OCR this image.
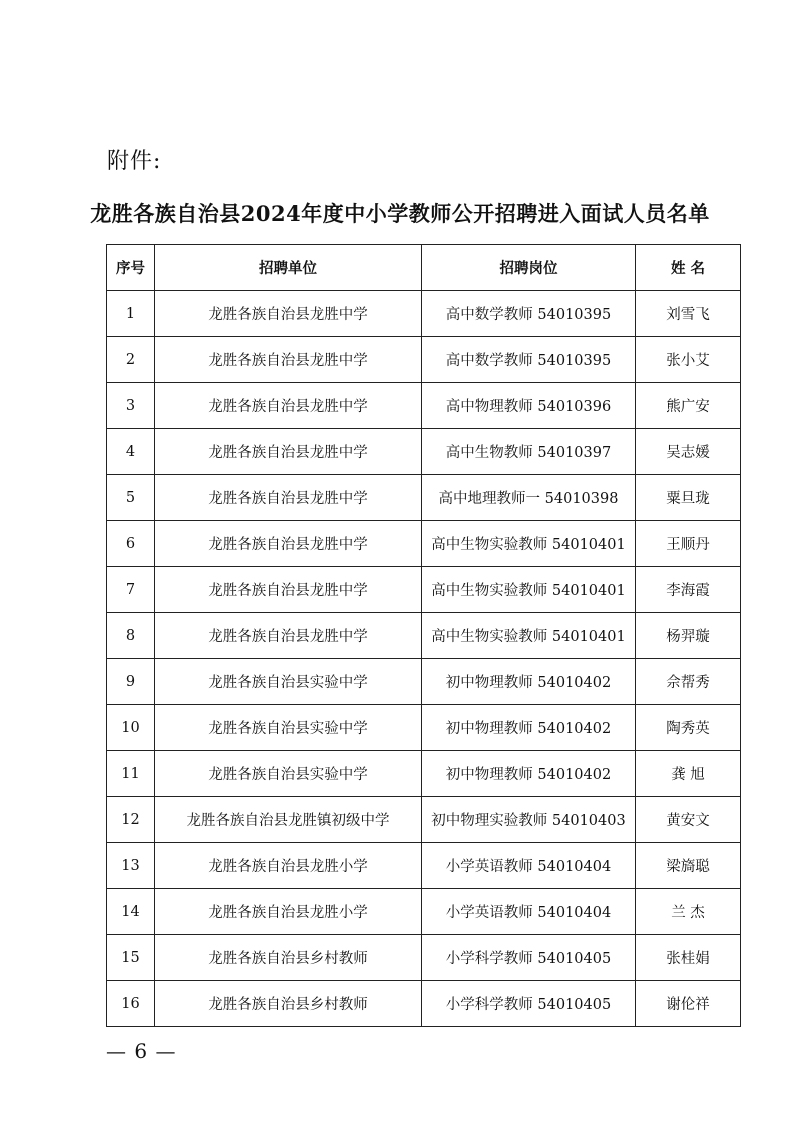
附件:
龙胜各族自治县2024年度中小学教师公开招聘进入面试人员名单
序号	招聘单位	招聘岗位	姓 名
1	龙胜各族自治县龙胜中学	高中数学教师 54010395	刘雪飞
2	龙胜各族自治县龙胜中学	高中数学教师 54010395	张小艾
3	龙胜各族自治县龙胜中学	高中物理教师 54010396	熊广安
4	龙胜各族自治县龙胜中学	高中生物教师 54010397	吴志媛
5	龙胜各族自治县龙胜中学	高中地理教师一 54010398	粟旦珑
6	龙胜各族自治县龙胜中学	高中生物实验教师 54010401	王顺丹
7	龙胜各族自治县龙胜中学	高中生物实验教师 54010401	李海霞
8	龙胜各族自治县龙胜中学	高中生物实验教师 54010401	杨羿璇
9	龙胜各族自治县实验中学	初中物理教师 54010402	佘帮秀
10	龙胜各族自治县实验中学	初中物理教师 54010402	陶秀英
11	龙胜各族自治县实验中学	初中物理教师 54010402	龚 旭
12	龙胜各族自治县龙胜镇初级中学	初中物理实验教师 54010403	黄安文
13	龙胜各族自治县龙胜小学	小学英语教师 54010404	梁旖聪
14	龙胜各族自治县龙胜小学	小学英语教师 54010404	兰 杰
15	龙胜各族自治县乡村教师	小学科学教师 54010405	张桂娟
16	龙胜各族自治县乡村教师	小学科学教师 54010405	谢伦祥
— 6 —
